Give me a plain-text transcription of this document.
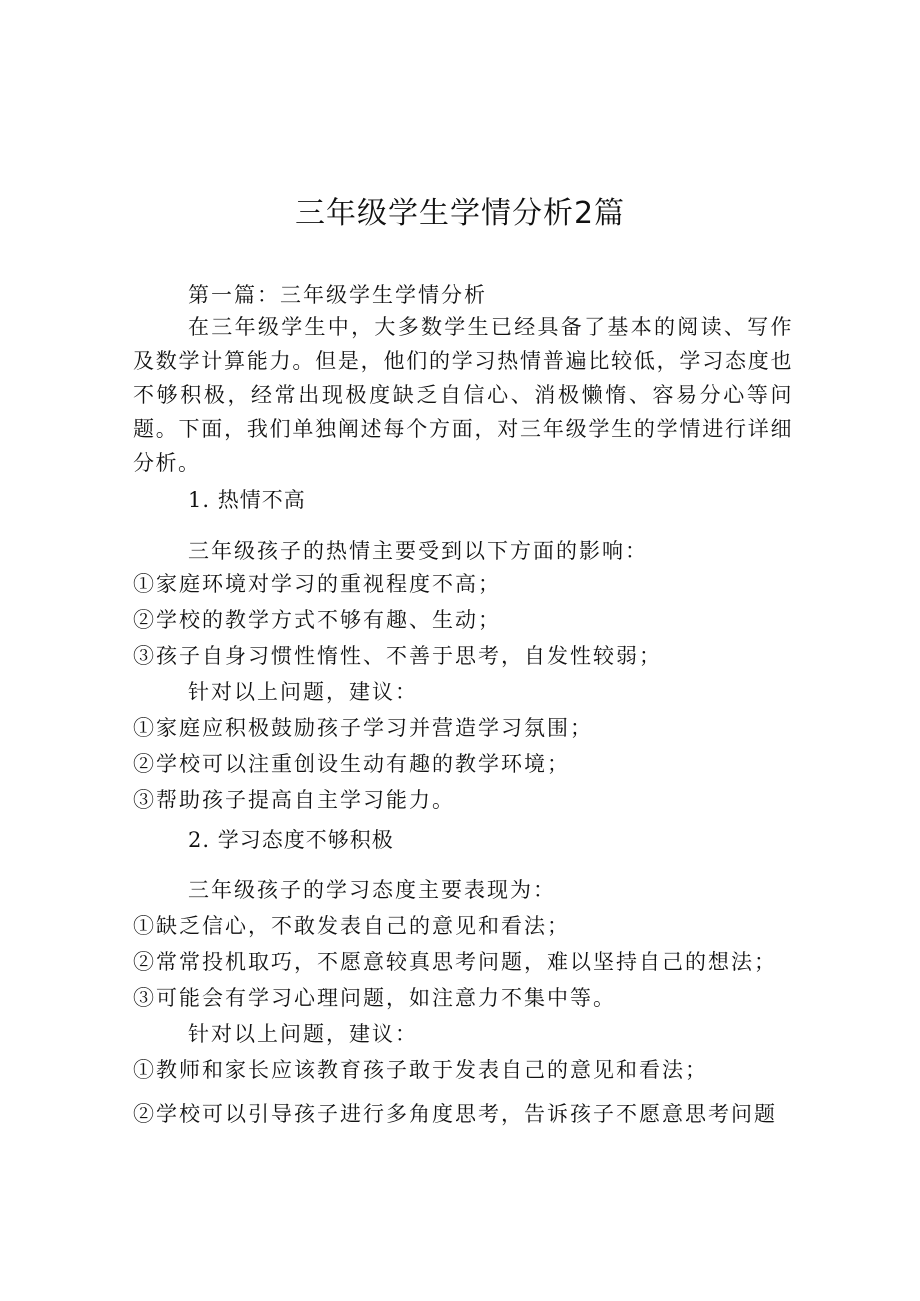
三年级学生学情分析2篇
第一篇：三年级学生学情分析
在三年级学生中，大多数学生已经具备了基本的阅读、写作及数学计算能力。但是，他们的学习热情普遍比较低，学习态度也不够积极，经常出现极度缺乏自信心、消极懒惰、容易分心等问题。下面，我们单独阐述每个方面，对三年级学生的学情进行详细分析。
1. 热情不高
三年级孩子的热情主要受到以下方面的影响：
①家庭环境对学习的重视程度不高；
②学校的教学方式不够有趣、生动；
③孩子自身习惯性惰性、不善于思考，自发性较弱；
针对以上问题，建议：
①家庭应积极鼓励孩子学习并营造学习氛围；
②学校可以注重创设生动有趣的教学环境；
③帮助孩子提高自主学习能力。
2. 学习态度不够积极
三年级孩子的学习态度主要表现为：
①缺乏信心，不敢发表自己的意见和看法；
②常常投机取巧，不愿意较真思考问题，难以坚持自己的想法；
③可能会有学习心理问题，如注意力不集中等。
针对以上问题，建议：
①教师和家长应该教育孩子敢于发表自己的意见和看法；
②学校可以引导孩子进行多角度思考，告诉孩子不愿意思考问题
